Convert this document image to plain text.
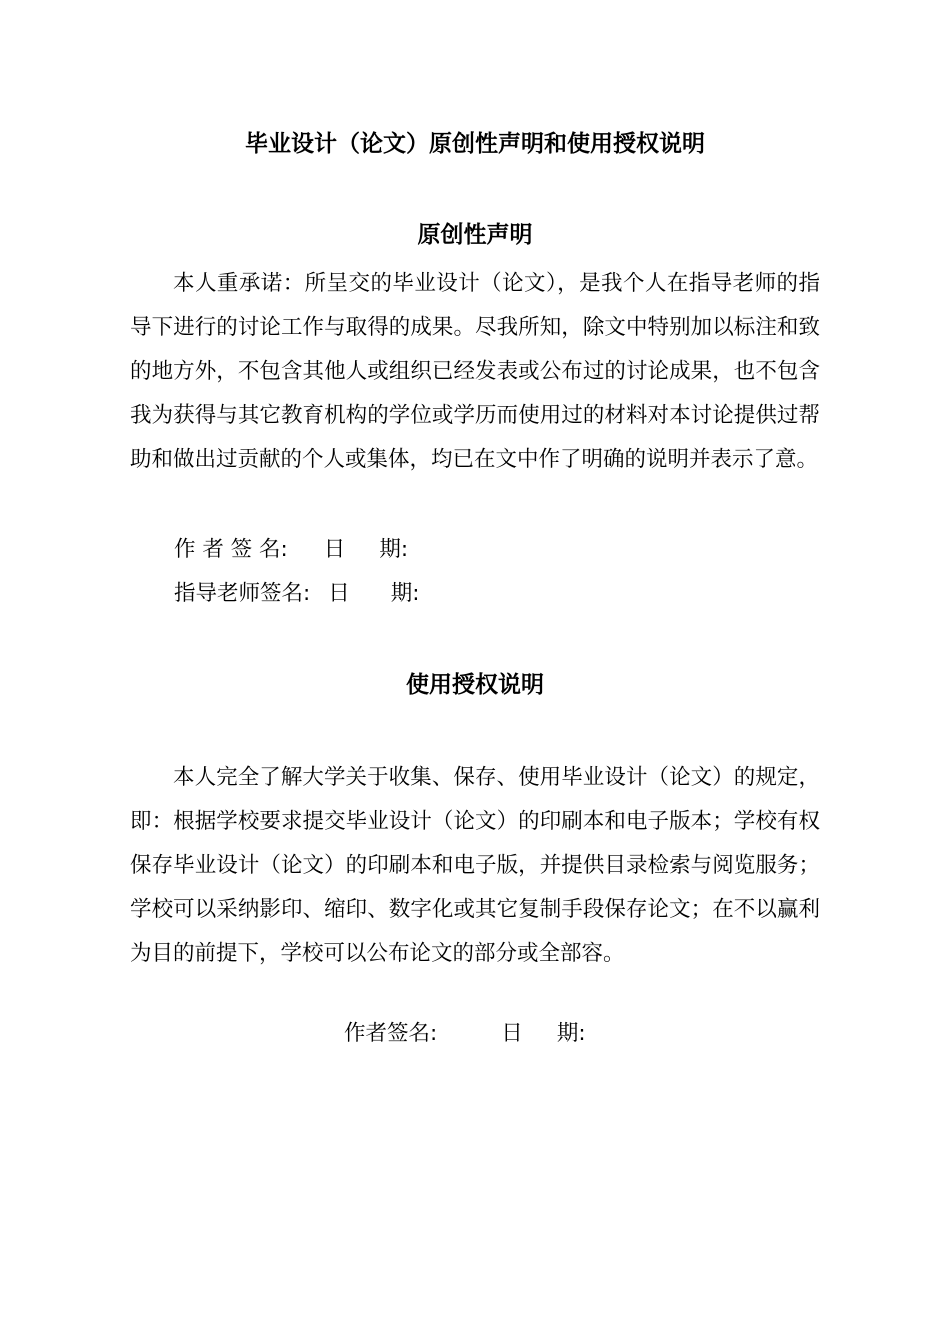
毕业设计（论文）原创性声明和使用授权说明
原创性声明

本人重承诺：所呈交的毕业设计（论文），是我个人在指导老师的指导下进行的讨论工作与取得的成果。尽我所知，除文中特别加以标注和致的地方外，不包含其他人或组织已经发表或公布过的讨论成果，也不包含我为获得与其它教育机构的学位或学历而使用过的材料对本讨论提供过帮助和做出过贡献的个人或集体，均已在文中作了明确的说明并表示了意。

作 者 签 名: 日     期:
指导老师签名: 日      期:
使用授权说明

本人完全了解大学关于收集、保存、使用毕业设计（论文）的规定，即：根据学校要求提交毕业设计（论文）的印刷本和电子版本；学校有权保存毕业设计（论文）的印刷本和电子版，并提供目录检索与阅览服务；学校可以采纳影印、缩印、数字化或其它复制手段保存论文；在不以赢利为目的前提下，学校可以公布论文的部分或全部容。

作者签名:	日     期:
